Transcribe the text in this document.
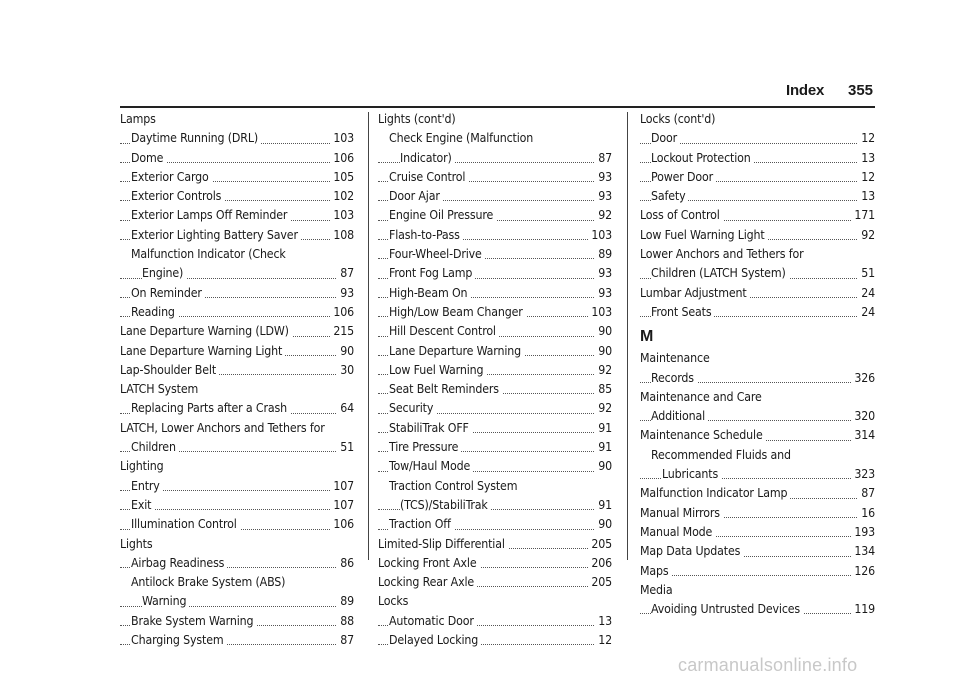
Index 355
Lamps
Daytime Running (DRL)	103
Dome	106
Exterior Cargo	105
Exterior Controls	102
Exterior Lamps Off Reminder	103
Exterior Lighting Battery Saver	108
Malfunction Indicator (Check
Engine)	87
On Reminder	93
Reading	106
Lane Departure Warning (LDW)	215
Lane Departure Warning Light	90
Lap-Shoulder Belt	30
LATCH System
Replacing Parts after a Crash	64
LATCH, Lower Anchors and Tethers for
Children	51
Lighting
Entry	107
Exit	107
Illumination Control	106
Lights
Airbag Readiness	86
Antilock Brake System (ABS)
Warning	89
Brake System Warning	88
Charging System	87
Lights (cont'd)
Check Engine (Malfunction
Indicator)	87
Cruise Control	93
Door Ajar	93
Engine Oil Pressure	92
Flash-to-Pass	103
Four-Wheel-Drive	89
Front Fog Lamp	93
High-Beam On	93
High/Low Beam Changer	103
Hill Descent Control	90
Lane Departure Warning	90
Low Fuel Warning	92
Seat Belt Reminders	85
Security	92
StabiliTrak OFF	91
Tire Pressure	91
Tow/Haul Mode	90
Traction Control System
(TCS)/StabiliTrak	91
Traction Off	90
Limited-Slip Differential	205
Locking Front Axle	206
Locking Rear Axle	205
Locks
Automatic Door	13
Delayed Locking	12
Locks (cont'd)
Door	12
Lockout Protection	13
Power Door	12
Safety	13
Loss of Control	171
Low Fuel Warning Light	92
Lower Anchors and Tethers for
Children (LATCH System)	51
Lumbar Adjustment	24
Front Seats	24
M
Maintenance
Records	326
Maintenance and Care
Additional	320
Maintenance Schedule	314
Recommended Fluids and
Lubricants	323
Malfunction Indicator Lamp	87
Manual Mirrors	16
Manual Mode	193
Map Data Updates	134
Maps	126
Media
Avoiding Untrusted Devices	119
carmanualsonline.info
